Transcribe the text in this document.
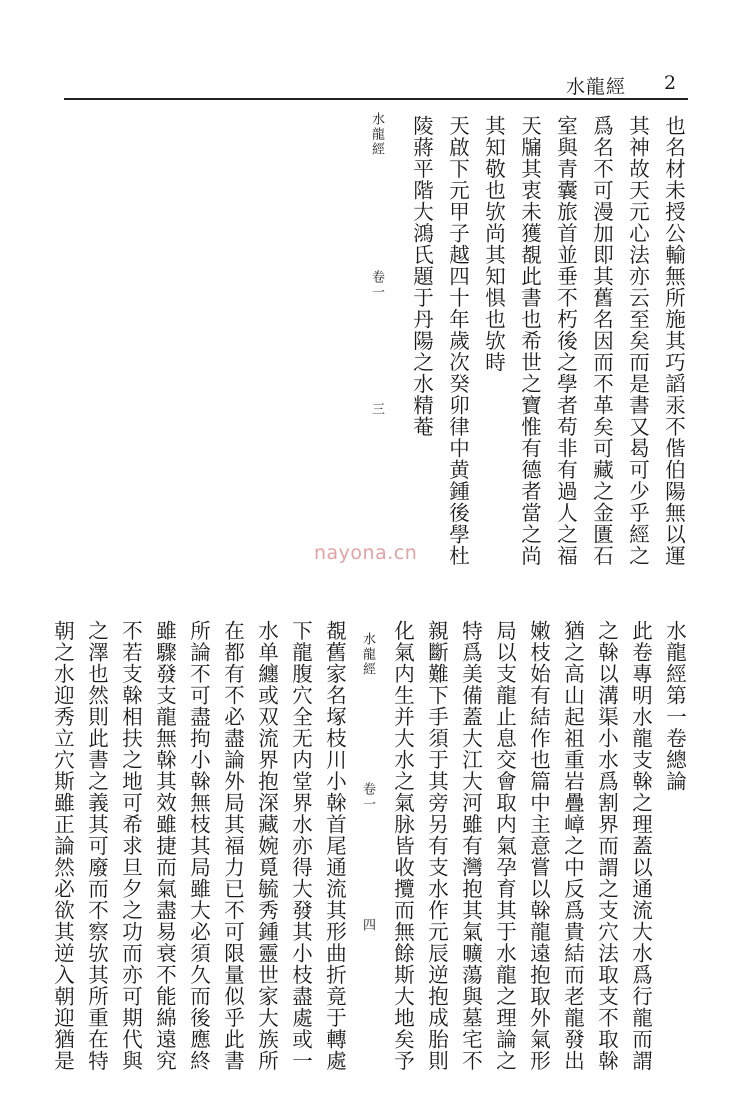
水龍經 2
也名材未授公輸無所施其巧謟汞不偕伯陽無以運
其神故天元心法亦云至矣而是書又曷可少乎經之
爲名不可漫加即其舊名因而不革矣可藏之金匱石
室與青囊旅首並垂不朽後之學者苟非有過人之福
天牖其衷未獲覩此書也希世之寶惟有德者當之尚
其知敬也欤尚其知惧也欤時
天啟下元甲子越四十年歲次癸卯律中黄鍾後學杜
陵蔣平階大鴻氏題于丹陽之水精菴
水龍經
卷一
三
nayona.cn
水龍經第一卷總論
此卷專明水龍支榦之理蓋以通流大水爲行龍而謂
之榦以溝渠小水爲割界而謂之支穴法取支不取榦
猶之高山起祖重岩疊嶂之中反爲貴結而老龍發出
嫩枝始有結作也篇中主意嘗以榦龍遠抱取外氣形
局以支龍止息交會取内氣孕育其于水龍之理論之
特爲美備蓋大江大河雖有灣抱其氣曠蕩與墓宅不
親斷難下手須于其旁另有支水作元辰逆抱成胎則
化氣内生并大水之氣脉皆收攬而無餘斯大地矣予
水龍經
卷一
四
覩舊家名塚枝川小榦首尾通流其形曲折竟于轉處
下龍腹穴全无内堂界水亦得大發其小枝盡處或一
水单纏或双流界抱深藏婉覓毓秀鍾靈世家大族所
在都有不必盡論外局其福力已不可限量似乎此書
所論不可盡拘小榦無枝其局雖大必須久而後應終
雖驟發支龍無榦其效雖捷而氣盡易衰不能綿遠究
不若支榦相扶之地可希求旦夕之功而亦可期代與
之澤也然則此書之義其可廢而不察欤其所重在特
朝之水迎秀立穴斯雖正論然必欲其逆入朝迎猶是
